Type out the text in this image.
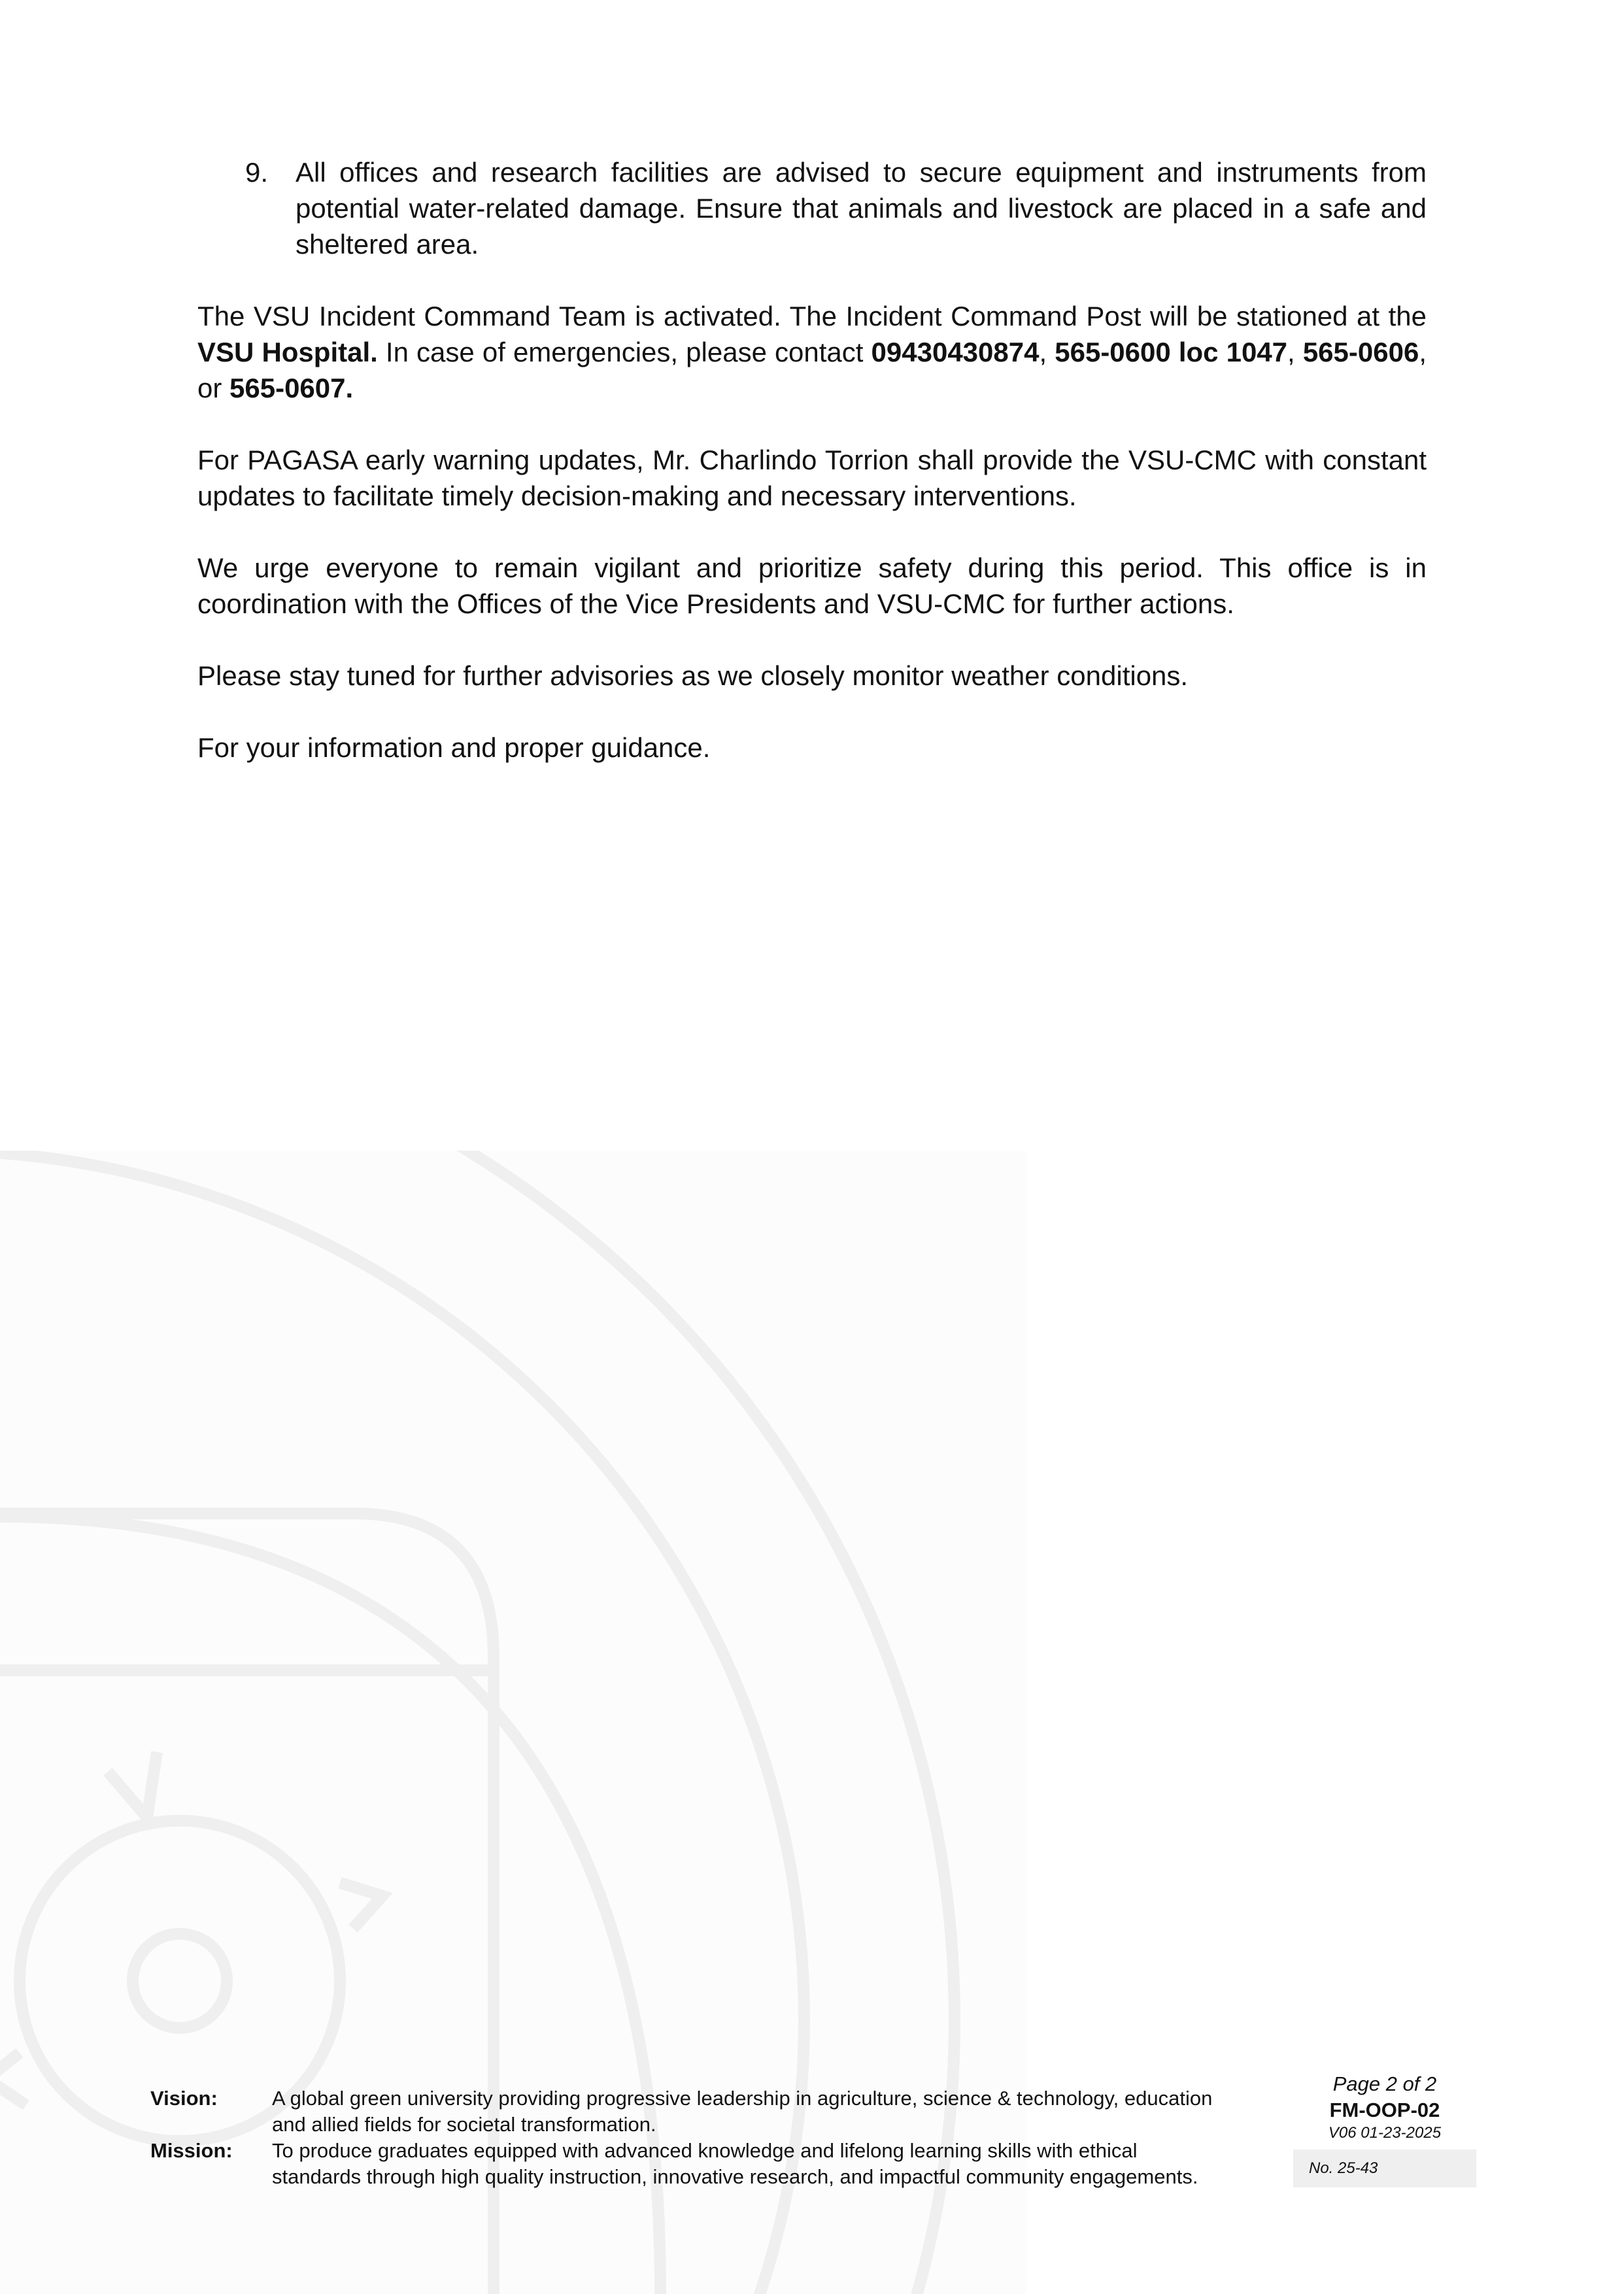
9. All offices and research facilities are advised to secure equipment and instruments from potential water-related damage. Ensure that animals and livestock are placed in a safe and sheltered area.

The VSU Incident Command Team is activated. The Incident Command Post will be stationed at the VSU Hospital. In case of emergencies, please contact 09430430874, 565-0600 loc 1047, 565-0606, or 565-0607.

For PAGASA early warning updates, Mr. Charlindo Torrion shall provide the VSU-CMC with constant updates to facilitate timely decision-making and necessary interventions.

We urge everyone to remain vigilant and prioritize safety during this period. This office is in coordination with the Offices of the Vice Presidents and VSU-CMC for further actions.

Please stay tuned for further advisories as we closely monitor weather conditions.

For your information and proper guidance.

Vision:	A global green university providing progressive leadership in agriculture, science & technology, education and allied fields for societal transformation.
Mission:	To produce graduates equipped with advanced knowledge and lifelong learning skills with ethical standards through high quality instruction, innovative research, and impactful community engagements.
Page 2 of 2
FM-OOP-02
V06 01-23-2025
No. 25-43
